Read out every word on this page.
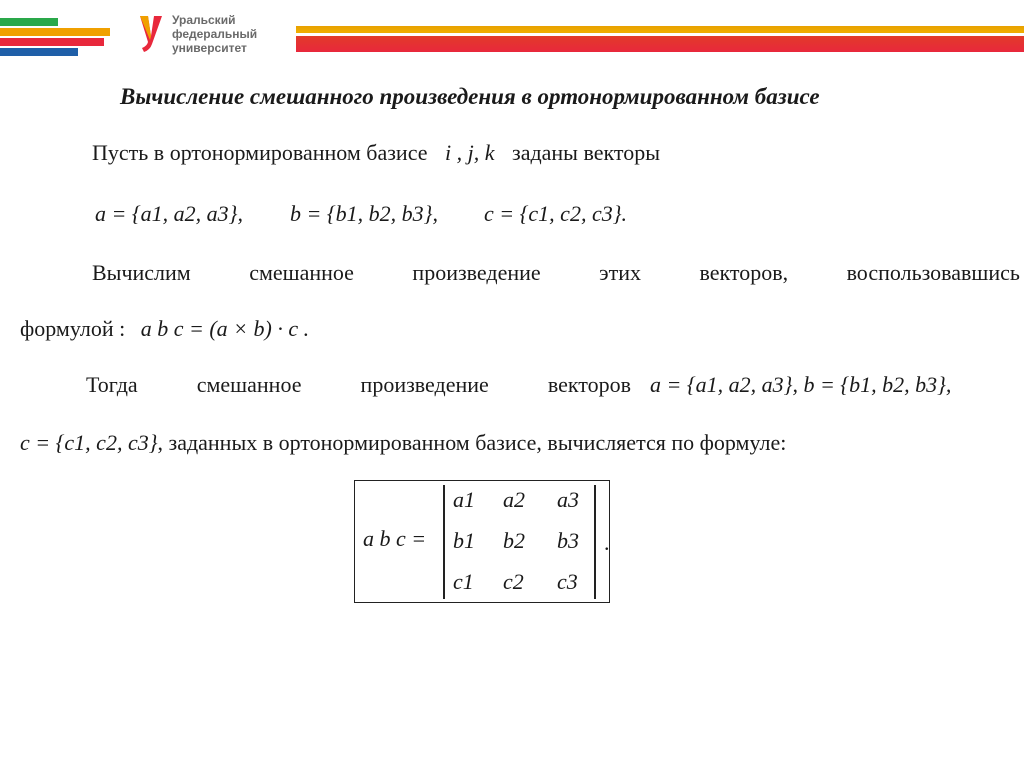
Уральский
федеральный
университет
Вычисление смешанного произведения в ортонормированном базисе
Пусть в ортонормированном базисе i , j, k заданы векторы
a = {a1, a2, a3}, b = {b1, b2, b3}, c = {c1, c2, c3}.
Вычислим	смешанное	произведение	этих	векторов,	воспользовавшись
формулой : a b c = (a × b) · c .
Тогда	смешанное	произведение	векторов a = {a1, a2, a3}, b = {b1, b2, b3},
c = {c1, c2, c3}, заданных в ортонормированном базисе, вычисляется по формуле:
a b c =
a1 a2 a3
b1 b2 b3
c1 c2 c3
.
